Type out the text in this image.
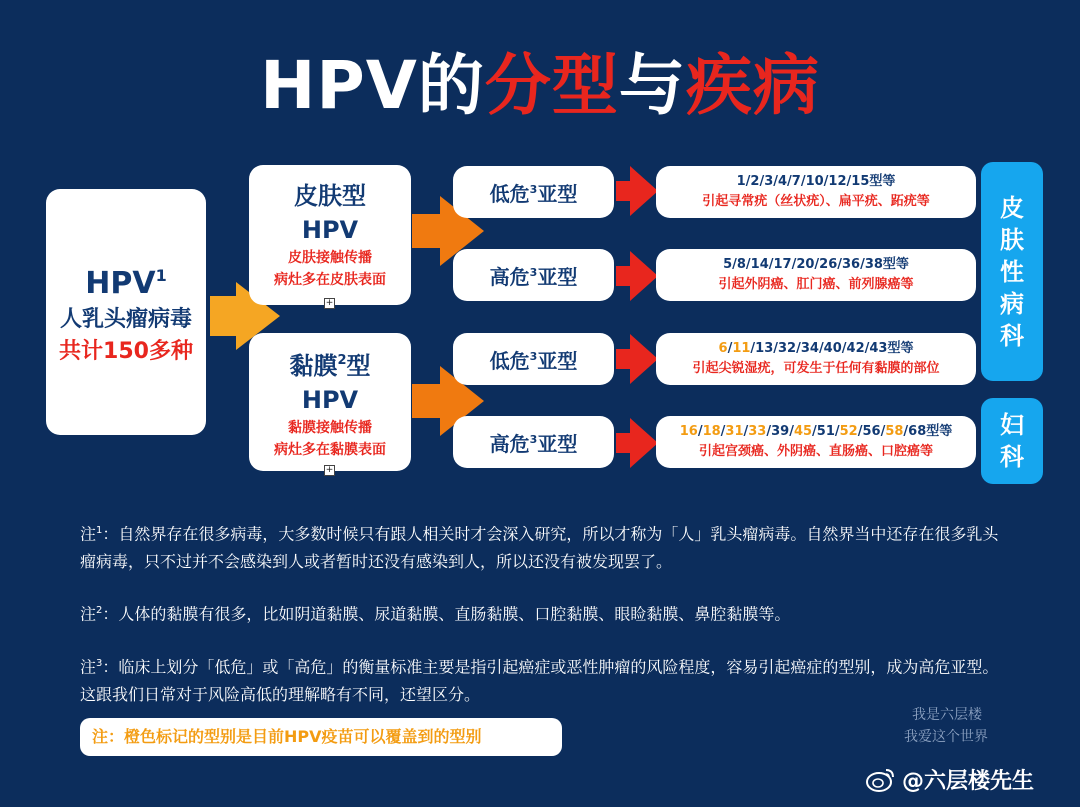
HPV的分型与疾病
HPV$^1$
人乳头瘤病毒
共计150多种
皮肤型
HPV
皮肤接触传播
病灶多在皮肤表面
+
黏膜$^2$型
HPV
黏膜接触传播
病灶多在黏膜表面
+
低危$^3$亚型
高危$^3$亚型
低危$^3$亚型
高危$^3$亚型
1/2/3/4/7/10/12/15型等
引起寻常疣（丝状疣）、扁平疣、跖疣等
5/8/14/17/20/26/36/38型等
引起外阴癌、肛门癌、前列腺癌等
6/11/13/32/34/40/42/43型等
引起尖锐湿疣，可发生于任何有黏膜的部位
16/18/31/33/39/45/51/52/56/58/68型等
引起宫颈癌、外阴癌、直肠癌、口腔癌等
皮
肤
性
病
科
妇
科
注$^1$：自然界存在很多病毒，大多数时候只有跟人相关时才会深入研究，所以才称为「人」乳头瘤病毒。自然界当中还存在很多乳头瘤病毒，只不过并不会感染到人或者暂时还没有感染到人，所以还没有被发现罢了。
注$^2$：人体的黏膜有很多，比如阴道黏膜、尿道黏膜、直肠黏膜、口腔黏膜、眼睑黏膜、鼻腔黏膜等。
注$^3$：临床上划分「低危」或「高危」的衡量标准主要是指引起癌症或恶性肿瘤的风险程度，容易引起癌症的型别，成为高危亚型。这跟我们日常对于风险高低的理解略有不同，还望区分。
注：橙色标记的型别是目前HPV疫苗可以覆盖到的型别
我是六层楼
我爱这个世界
@六层楼先生
